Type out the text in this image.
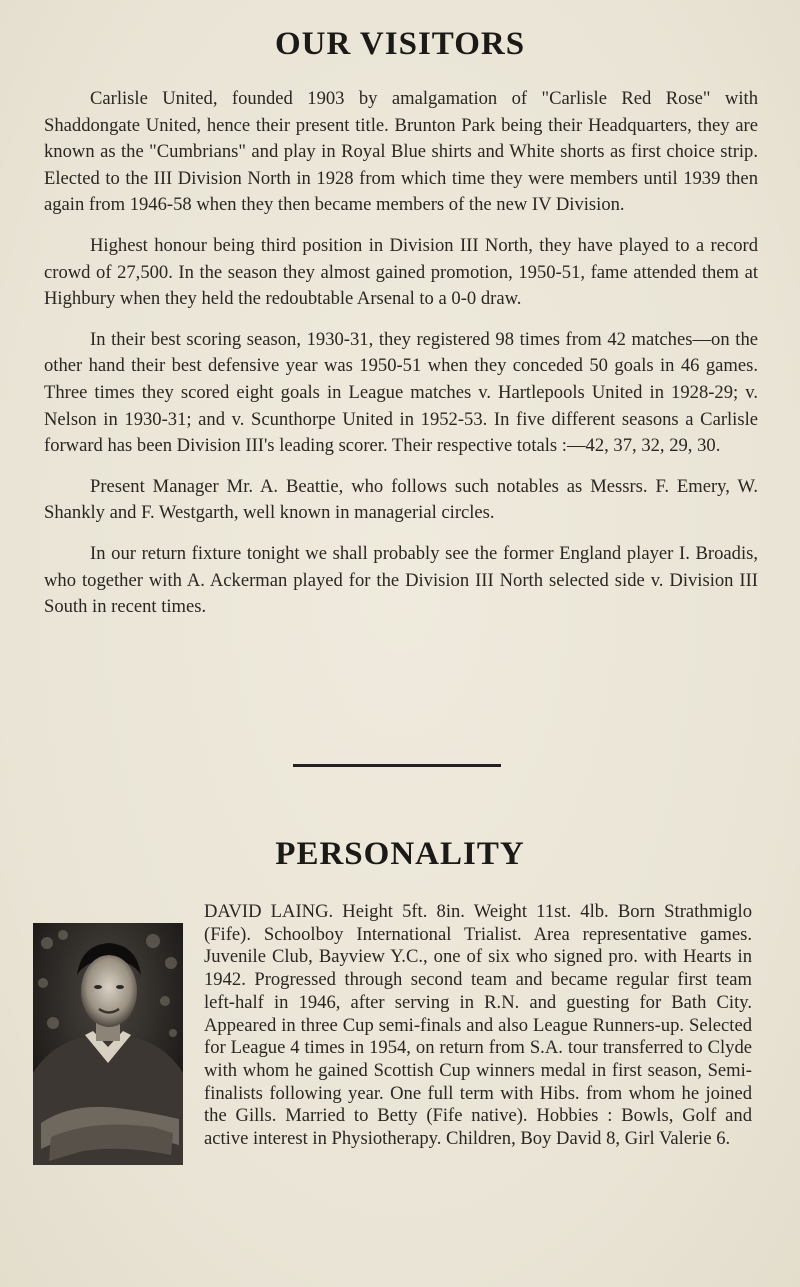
OUR VISITORS

Carlisle United, founded 1903 by amalgamation of "Carlisle Red Rose" with Shaddongate United, hence their present title. Brunton Park being their Headquarters, they are known as the "Cumbrians" and play in Royal Blue shirts and White shorts as first choice strip. Elected to the III Division North in 1928 from which time they were members until 1939 then again from 1946-58 when they then became members of the new IV Division.

Highest honour being third position in Division III North, they have played to a record crowd of 27,500. In the season they almost gained promotion, 1950-51, fame attended them at Highbury when they held the redoubtable Arsenal to a 0-0 draw.

In their best scoring season, 1930-31, they registered 98 times from 42 matches—on the other hand their best defensive year was 1950-51 when they conceded 50 goals in 46 games. Three times they scored eight goals in League matches v. Hartlepools United in 1928-29; v. Nelson in 1930-31; and v. Scunthorpe United in 1952-53. In five different seasons a Carlisle forward has been Division III's leading scorer. Their respective totals :—42, 37, 32, 29, 30.

Present Manager Mr. A. Beattie, who follows such notables as Messrs. F. Emery, W. Shankly and F. Westgarth, well known in managerial circles.

In our return fixture tonight we shall probably see the former England player I. Broadis, who together with A. Ackerman played for the Division III North selected side v. Division III South in recent times.

PERSONALITY

DAVID LAING. Height 5ft. 8in. Weight 11st. 4lb. Born Strathmiglo (Fife). Schoolboy International Trialist. Area representative games. Juvenile Club, Bayview Y.C., one of six who signed pro. with Hearts in 1942. Progressed through second team and became regular first team left-half in 1946, after serving in R.N. and guesting for Bath City. Appeared in three Cup semi-finals and also League Runners-up. Selected for League 4 times in 1954, on return from S.A. tour transferred to Clyde with whom he gained Scottish Cup winners medal in first season, Semi-finalists following year. One full term with Hibs. from whom he joined the Gills. Married to Betty (Fife native). Hobbies : Bowls, Golf and active interest in Physiotherapy. Children, Boy David 8, Girl Valerie 6.
